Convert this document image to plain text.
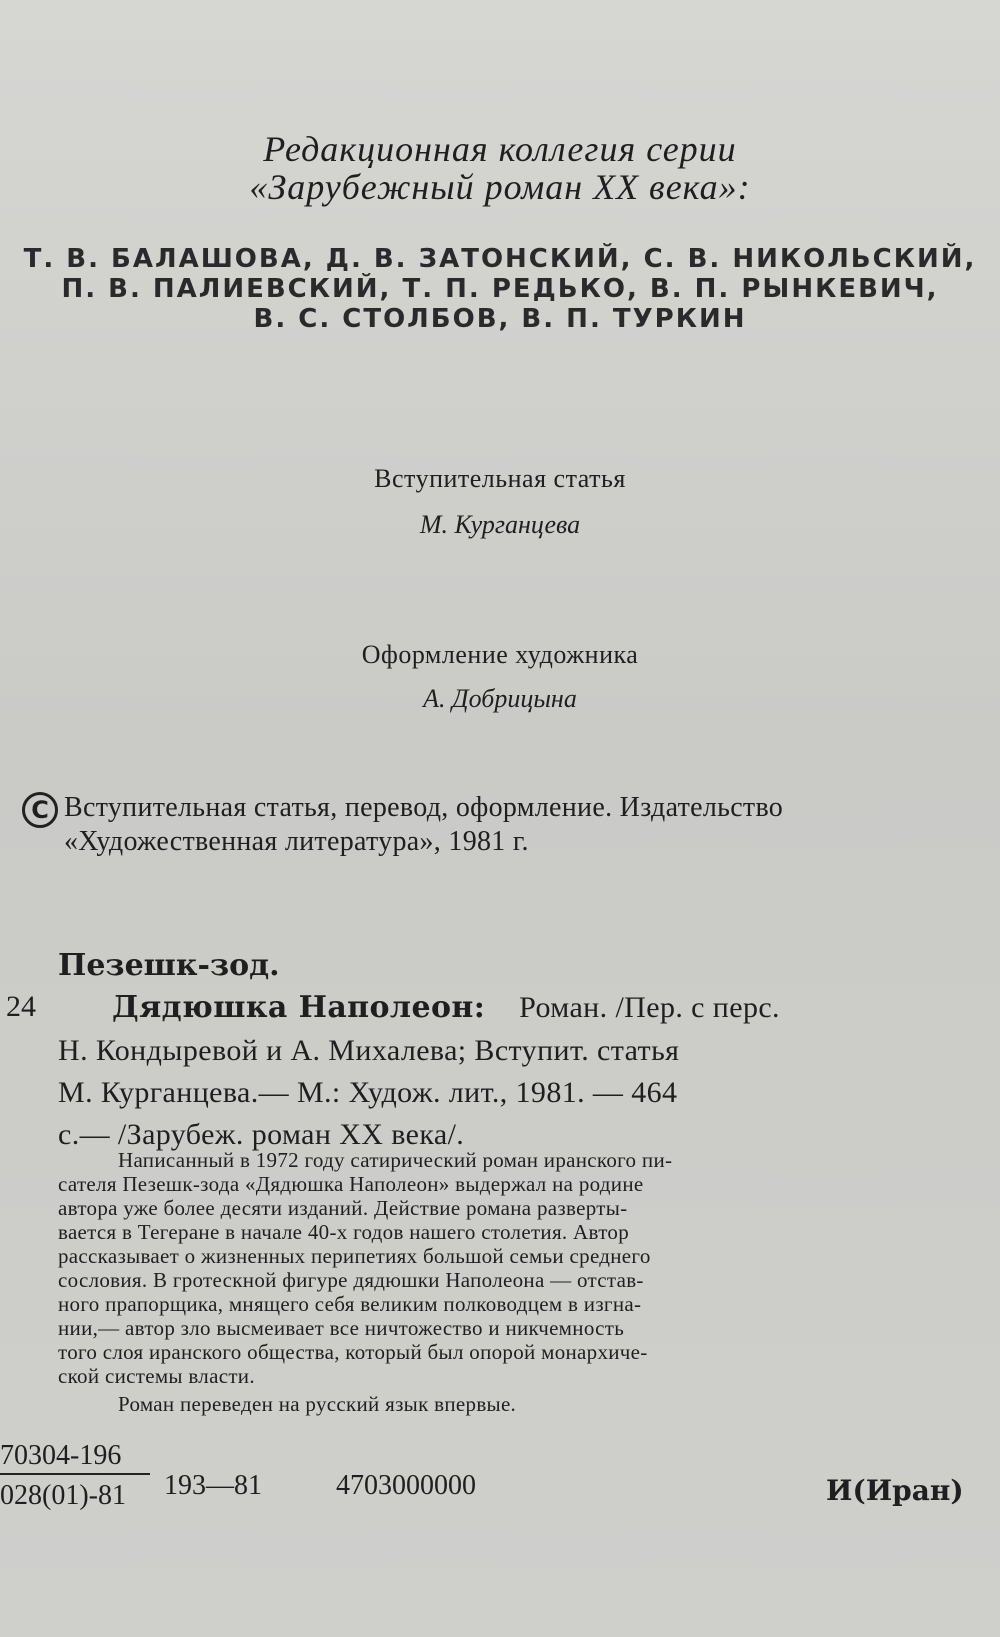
Редакционная коллегия серии
«Зарубежный роман XX века»:
Т. В. БАЛАШОВА, Д. В. ЗАТОНСКИЙ, С. В. НИКОЛЬСКИЙ,
П. В. ПАЛИЕВСКИЙ, Т. П. РЕДЬКО, В. П. РЫНКЕВИЧ,
В. С. СТОЛБОВ, В. П. ТУРКИН
Вступительная статья
М. Курганцева
Оформление художника
А. Добрицына
C Вступительная статья, перевод, оформление. Издательство
«Художественная литература», 1981 г.
Пезешк-зод.
24	Дядюшка Наполеон: Роман. /Пер. с перс.
Н. Кондыревой и А. Михалева; Вступит. статья
М. Курганцева.— М.: Худож. лит., 1981. — 464
с.— /Зарубеж. роман XX века/.
Написанный в 1972 году сатирический роман иранского пи-
сателя Пезешк-зода «Дядюшка Наполеон» выдержал на родине
автора уже более десяти изданий. Действие романа разверты-
вается в Тегеране в начале 40-х годов нашего столетия. Автор
рассказывает о жизненных перипетиях большой семьи среднего
сословия. В гротескной фигуре дядюшки Наполеона — отстав-
ного прапорщика, мнящего себя великим полководцем в изгна-
нии,— автор зло высмеивает все ничтожество и никчемность
того слоя иранского общества, который был опорой монархиче-
ской системы власти.
Роман переведен на русский язык впервые.
70304-196
028(01)-81 193—81	4703000000	И(Иран)
